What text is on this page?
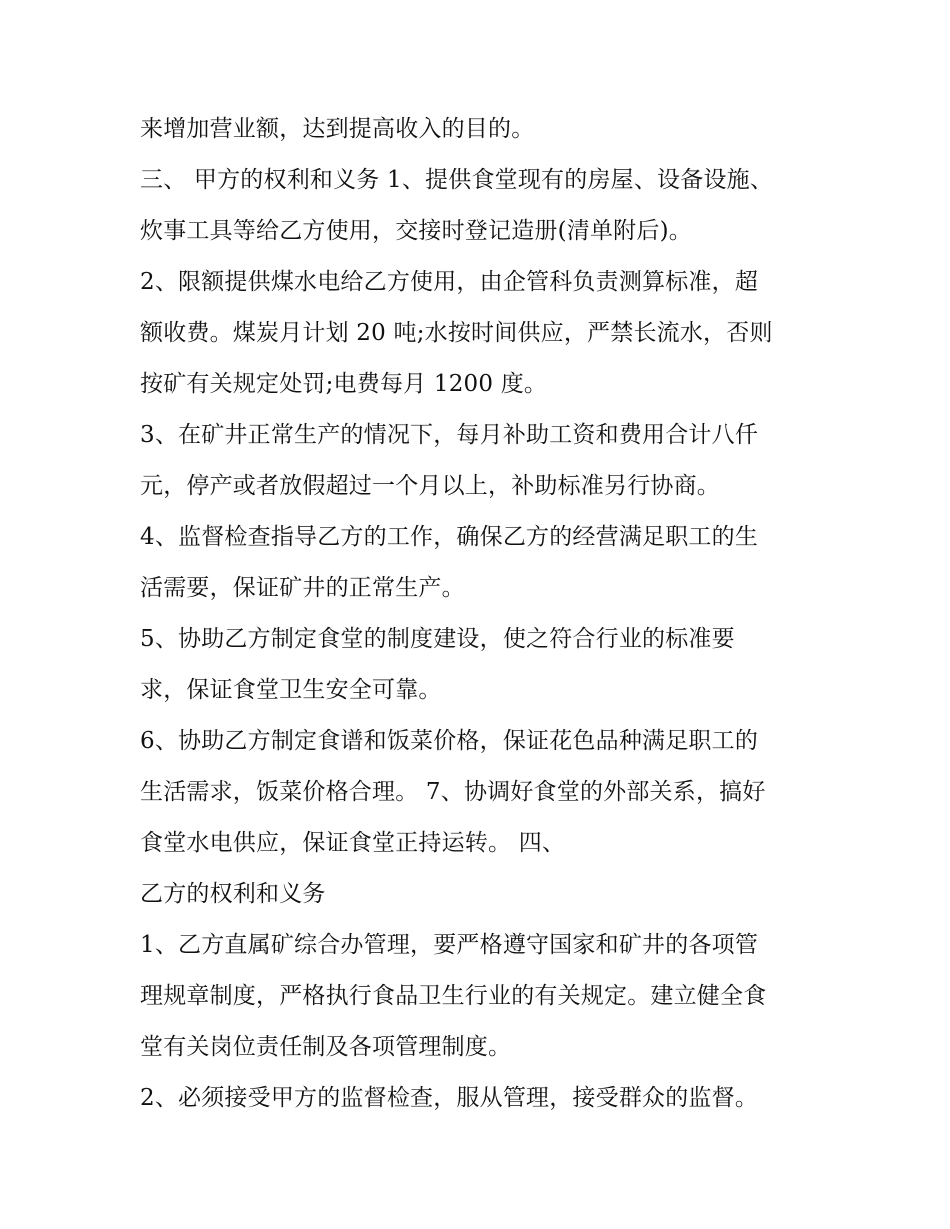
来增加营业额，达到提高收入的目的。
三、 甲方的权利和义务 1、提供食堂现有的房屋、设备设施、
炊事工具等给乙方使用，交接时登记造册(清单附后)。
2、限额提供煤水电给乙方使用，由企管科负责测算标准，超
额收费。煤炭月计划 20 吨;水按时间供应，严禁长流水，否则
按矿有关规定处罚;电费每月 1200 度。
3、在矿井正常生产的情况下，每月补助工资和费用合计八仟
元，停产或者放假超过一个月以上，补助标准另行协商。
4、监督检查指导乙方的工作，确保乙方的经营满足职工的生
活需要，保证矿井的正常生产。
5、协助乙方制定食堂的制度建设，使之符合行业的标准要
求，保证食堂卫生安全可靠。
6、协助乙方制定食谱和饭菜价格，保证花色品种满足职工的
生活需求，饭菜价格合理。 7、协调好食堂的外部关系，搞好
食堂水电供应，保证食堂正持运转。 四、
乙方的权利和义务
1、乙方直属矿综合办管理，要严格遵守国家和矿井的各项管
理规章制度，严格执行食品卫生行业的有关规定。建立健全食
堂有关岗位责任制及各项管理制度。
2、必须接受甲方的监督检查，服从管理，接受群众的监督。
